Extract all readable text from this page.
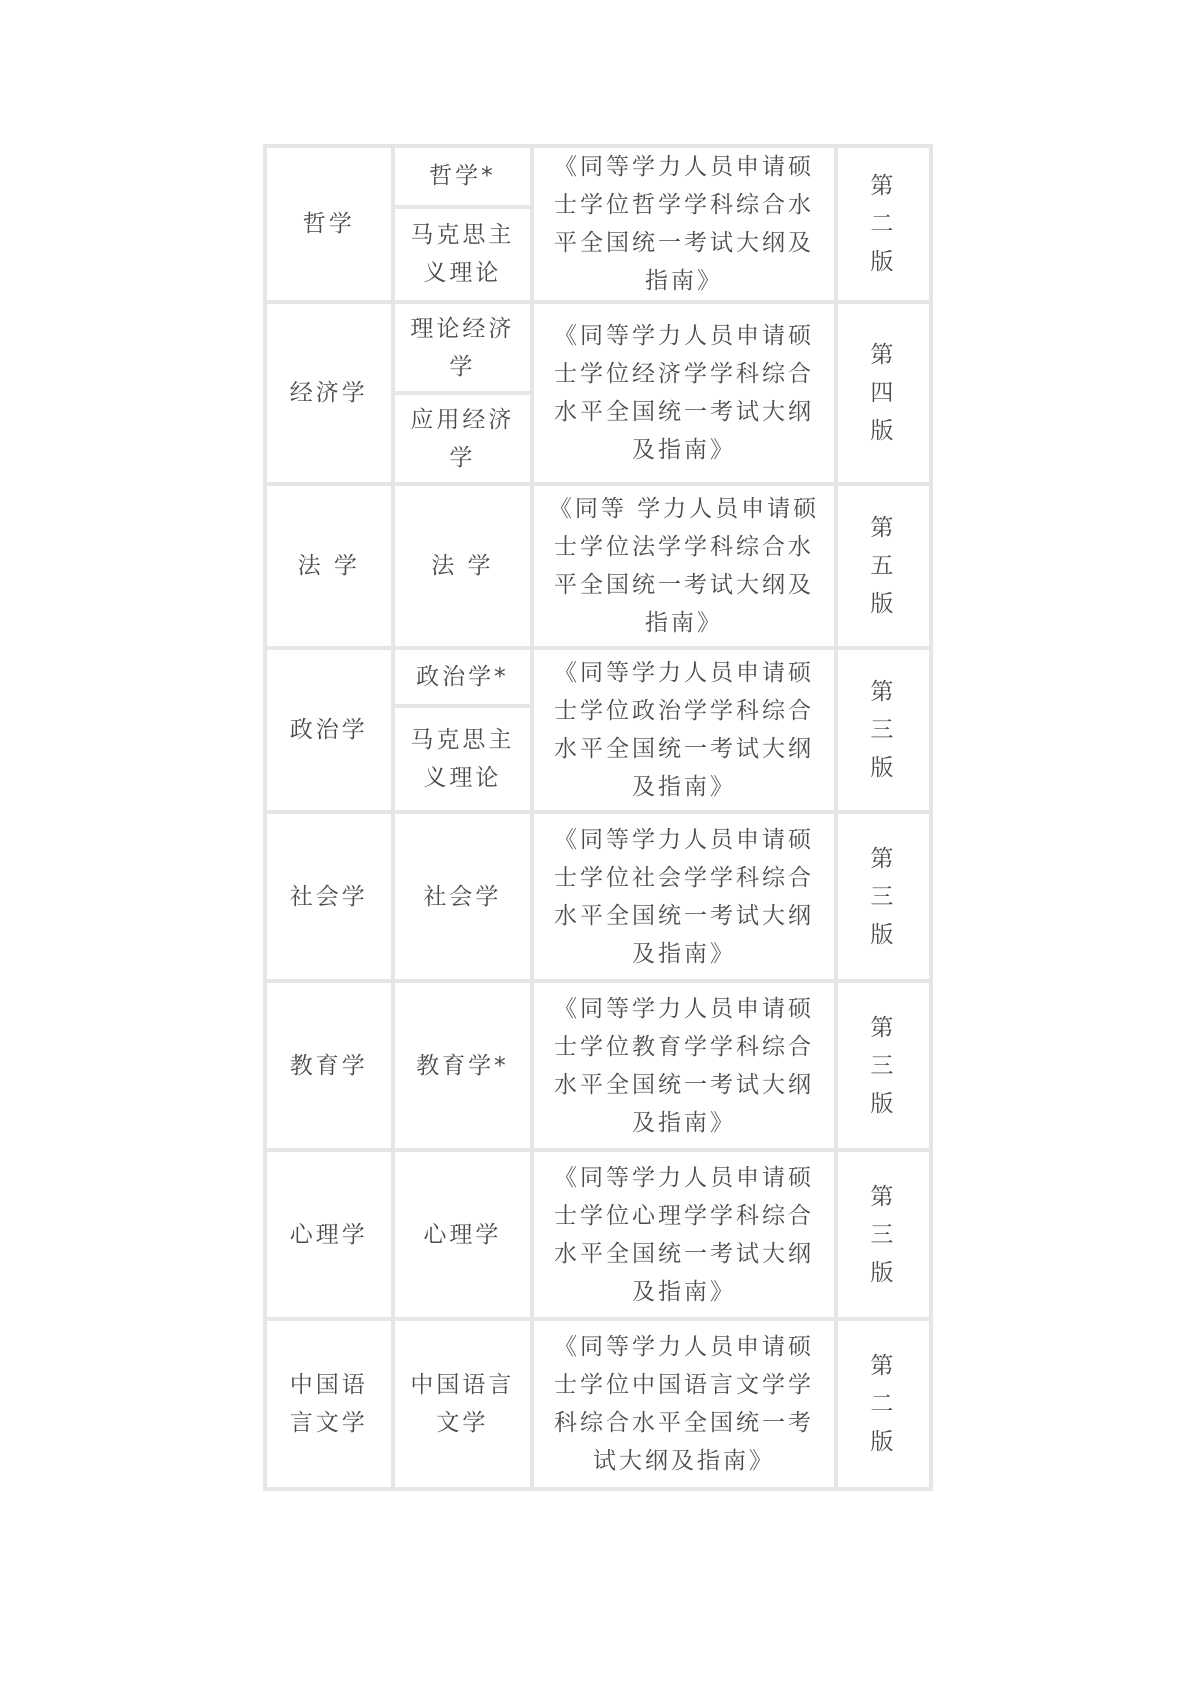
哲学	哲学*	《同等学力人员申请硕士学位哲学学科综合水平全国统一考试大纲及指南》	第二版
	马克思主义理论		
经济学	理论经济学	《同等学力人员申请硕士学位经济学学科综合水平全国统一考试大纲及指南》	第四版
	应用经济学		
法 学	法 学	《同等 学力人员申请硕士学位法学学科综合水平全国统一考试大纲及指南》	第五版
政治学	政治学*	《同等学力人员申请硕士学位政治学学科综合水平全国统一考试大纲及指南》	第三版
	马克思主义理论		
社会学	社会学	《同等学力人员申请硕士学位社会学学科综合水平全国统一考试大纲及指南》	第三版
教育学	教育学*	《同等学力人员申请硕士学位教育学学科综合水平全国统一考试大纲及指南》	第三版
心理学	心理学	《同等学力人员申请硕士学位心理学学科综合水平全国统一考试大纲及指南》	第三版
中国语言文学	中国语言文学	《同等学力人员申请硕士学位中国语言文学学科综合水平全国统一考试大纲及指南》	第二版
